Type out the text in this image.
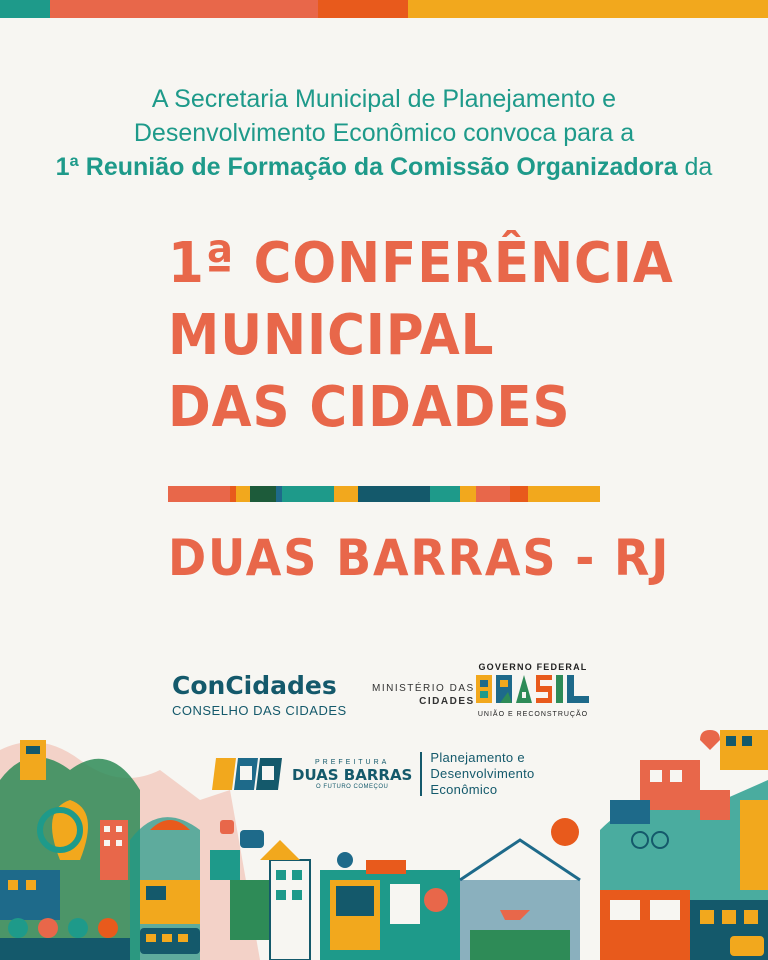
A Secretaria Municipal de Planejamento e
Desenvolvimento Econômico convoca para a
1ª Reunião de Formação da Comissão Organizadora da
1ª CONFERÊNCIA
MUNICIPAL
DAS CIDADES
DUAS BARRAS - RJ
ConCidades
CONSELHO DAS CIDADES
MINISTÉRIO DAS
CIDADES
GOVERNO FEDERAL
UNIÃO E RECONSTRUÇÃO
PREFEITURA
DUAS BARRAS
O FUTURO COMEÇOU
Planejamento e
Desenvolvimento
Econômico
